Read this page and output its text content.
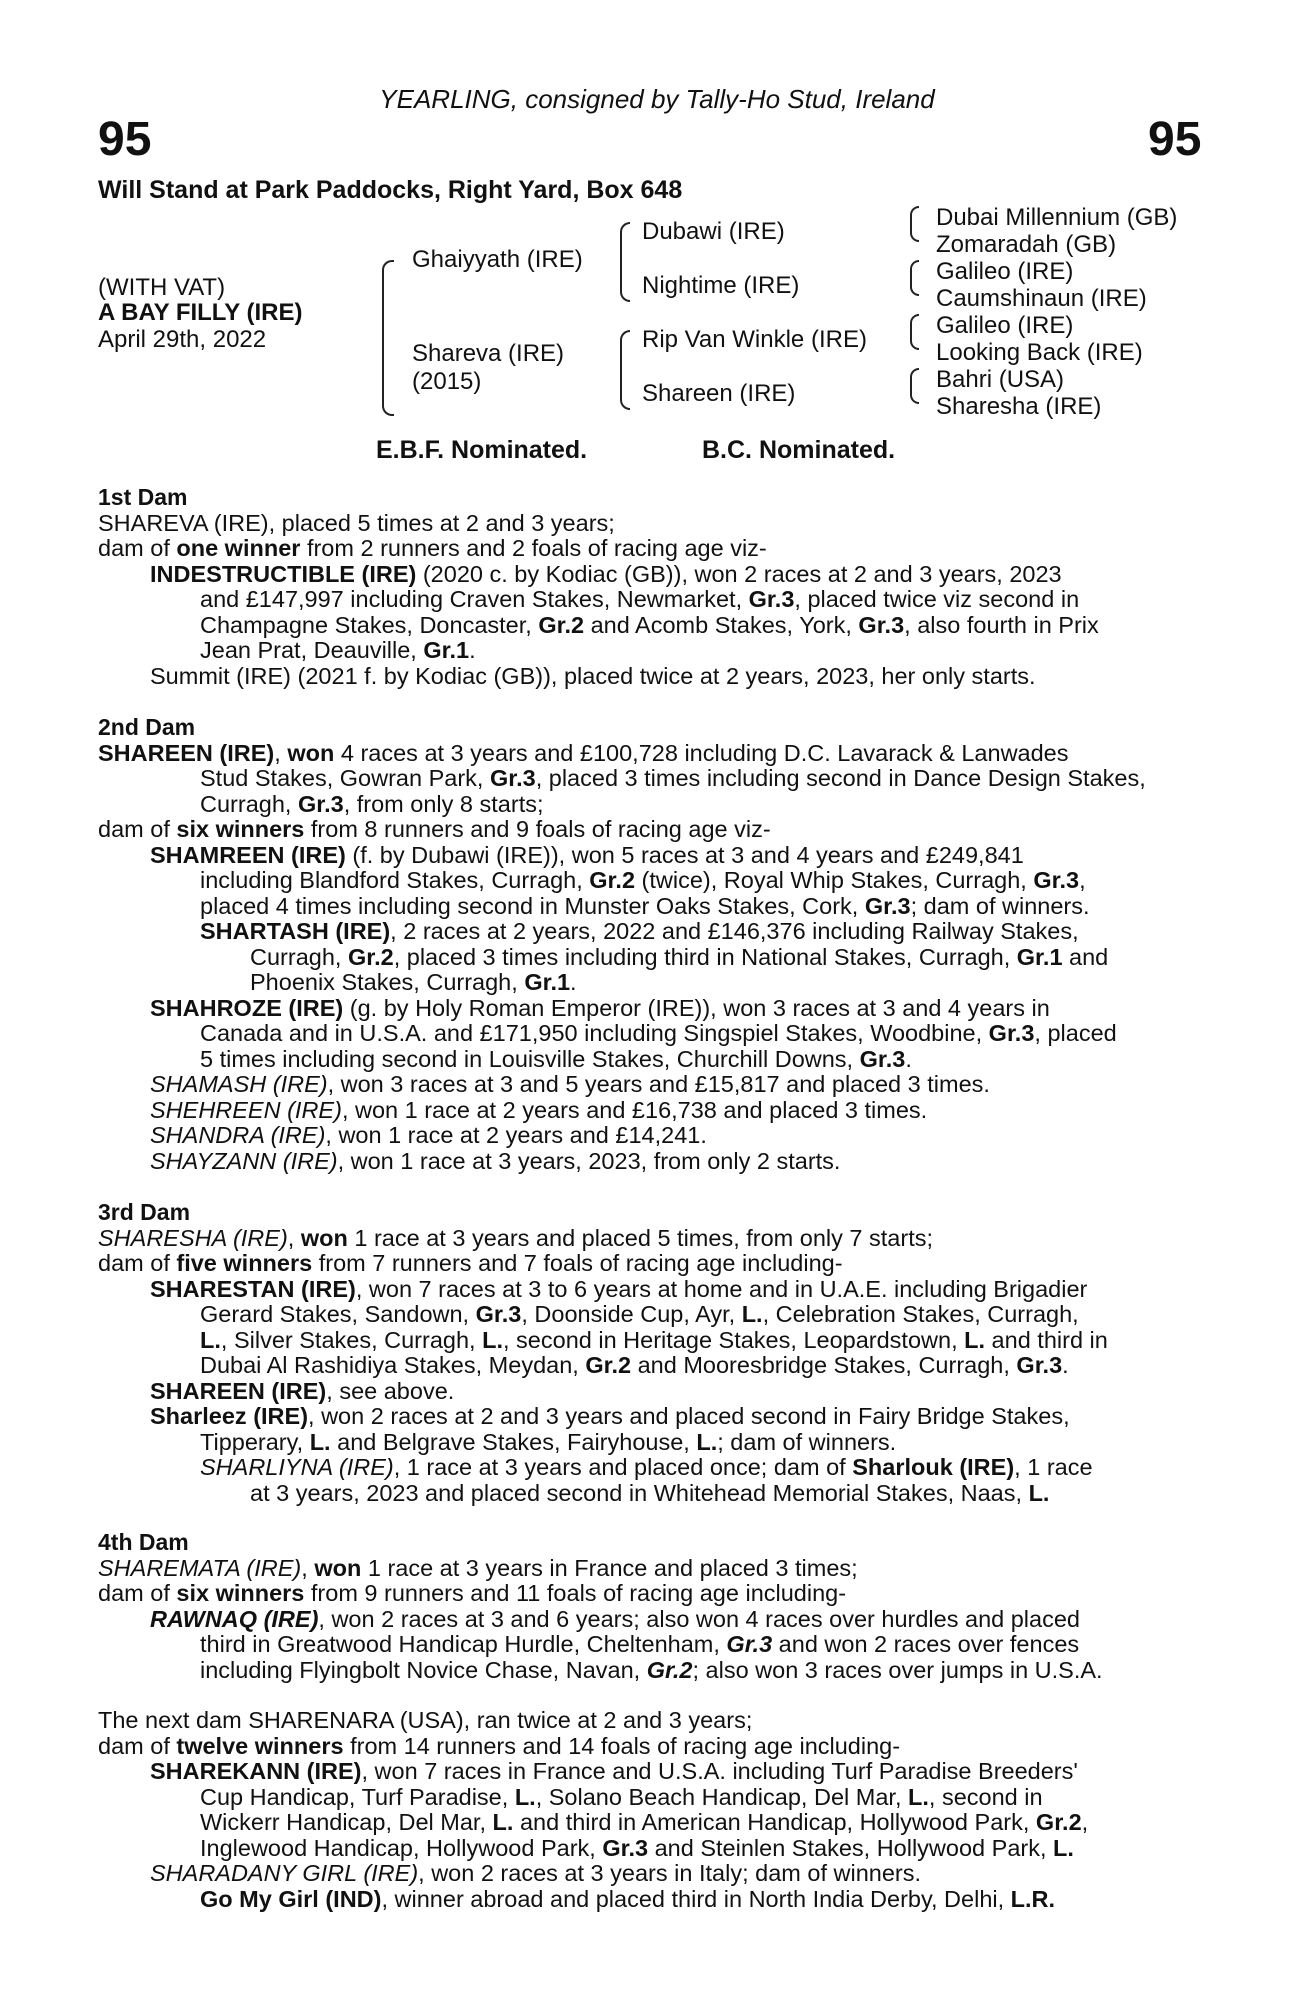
YEARLING, consigned by Tally-Ho Stud, Ireland
95	95
Will Stand at Park Paddocks, Right Yard, Box 648
(WITH VAT)
A BAY FILLY (IRE)
April 29th, 2022
Ghaiyyath (IRE)
Shareva (IRE)
(2015)
Dubawi (IRE)
Nightime (IRE)
Rip Van Winkle (IRE)
Shareen (IRE)
Dubai Millennium (GB)
Zomaradah (GB)
Galileo (IRE)
Caumshinaun (IRE)
Galileo (IRE)
Looking Back (IRE)
Bahri (USA)
Sharesha (IRE)
E.B.F. Nominated.	B.C. Nominated.
1st Dam
SHAREVA (IRE), placed 5 times at 2 and 3 years;
dam of one winner from 2 runners and 2 foals of racing age viz-
INDESTRUCTIBLE (IRE) (2020 c. by Kodiac (GB)), won 2 races at 2 and 3 years, 2023
and £147,997 including Craven Stakes, Newmarket, Gr.3, placed twice viz second in
Champagne Stakes, Doncaster, Gr.2 and Acomb Stakes, York, Gr.3, also fourth in Prix
Jean Prat, Deauville, Gr.1.
Summit (IRE) (2021 f. by Kodiac (GB)), placed twice at 2 years, 2023, her only starts.
2nd Dam
SHAREEN (IRE), won 4 races at 3 years and £100,728 including D.C. Lavarack & Lanwades
Stud Stakes, Gowran Park, Gr.3, placed 3 times including second in Dance Design Stakes,
Curragh, Gr.3, from only 8 starts;
dam of six winners from 8 runners and 9 foals of racing age viz-
SHAMREEN (IRE) (f. by Dubawi (IRE)), won 5 races at 3 and 4 years and £249,841
including Blandford Stakes, Curragh, Gr.2 (twice), Royal Whip Stakes, Curragh, Gr.3,
placed 4 times including second in Munster Oaks Stakes, Cork, Gr.3; dam of winners.
SHARTASH (IRE), 2 races at 2 years, 2022 and £146,376 including Railway Stakes,
Curragh, Gr.2, placed 3 times including third in National Stakes, Curragh, Gr.1 and
Phoenix Stakes, Curragh, Gr.1.
SHAHROZE (IRE) (g. by Holy Roman Emperor (IRE)), won 3 races at 3 and 4 years in
Canada and in U.S.A. and £171,950 including Singspiel Stakes, Woodbine, Gr.3, placed
5 times including second in Louisville Stakes, Churchill Downs, Gr.3.
SHAMASH (IRE), won 3 races at 3 and 5 years and £15,817 and placed 3 times.
SHEHREEN (IRE), won 1 race at 2 years and £16,738 and placed 3 times.
SHANDRA (IRE), won 1 race at 2 years and £14,241.
SHAYZANN (IRE), won 1 race at 3 years, 2023, from only 2 starts.
3rd Dam
SHARESHA (IRE), won 1 race at 3 years and placed 5 times, from only 7 starts;
dam of five winners from 7 runners and 7 foals of racing age including-
SHARESTAN (IRE), won 7 races at 3 to 6 years at home and in U.A.E. including Brigadier
Gerard Stakes, Sandown, Gr.3, Doonside Cup, Ayr, L., Celebration Stakes, Curragh,
L., Silver Stakes, Curragh, L., second in Heritage Stakes, Leopardstown, L. and third in
Dubai Al Rashidiya Stakes, Meydan, Gr.2 and Mooresbridge Stakes, Curragh, Gr.3.
SHAREEN (IRE), see above.
Sharleez (IRE), won 2 races at 2 and 3 years and placed second in Fairy Bridge Stakes,
Tipperary, L. and Belgrave Stakes, Fairyhouse, L.; dam of winners.
SHARLIYNA (IRE), 1 race at 3 years and placed once; dam of Sharlouk (IRE), 1 race
at 3 years, 2023 and placed second in Whitehead Memorial Stakes, Naas, L.
4th Dam
SHAREMATA (IRE), won 1 race at 3 years in France and placed 3 times;
dam of six winners from 9 runners and 11 foals of racing age including-
RAWNAQ (IRE), won 2 races at 3 and 6 years; also won 4 races over hurdles and placed
third in Greatwood Handicap Hurdle, Cheltenham, Gr.3 and won 2 races over fences
including Flyingbolt Novice Chase, Navan, Gr.2; also won 3 races over jumps in U.S.A.
The next dam SHARENARA (USA), ran twice at 2 and 3 years;
dam of twelve winners from 14 runners and 14 foals of racing age including-
SHAREKANN (IRE), won 7 races in France and U.S.A. including Turf Paradise Breeders'
Cup Handicap, Turf Paradise, L., Solano Beach Handicap, Del Mar, L., second in
Wickerr Handicap, Del Mar, L. and third in American Handicap, Hollywood Park, Gr.2,
Inglewood Handicap, Hollywood Park, Gr.3 and Steinlen Stakes, Hollywood Park, L.
SHARADANY GIRL (IRE), won 2 races at 3 years in Italy; dam of winners.
Go My Girl (IND), winner abroad and placed third in North India Derby, Delhi, L.R.
